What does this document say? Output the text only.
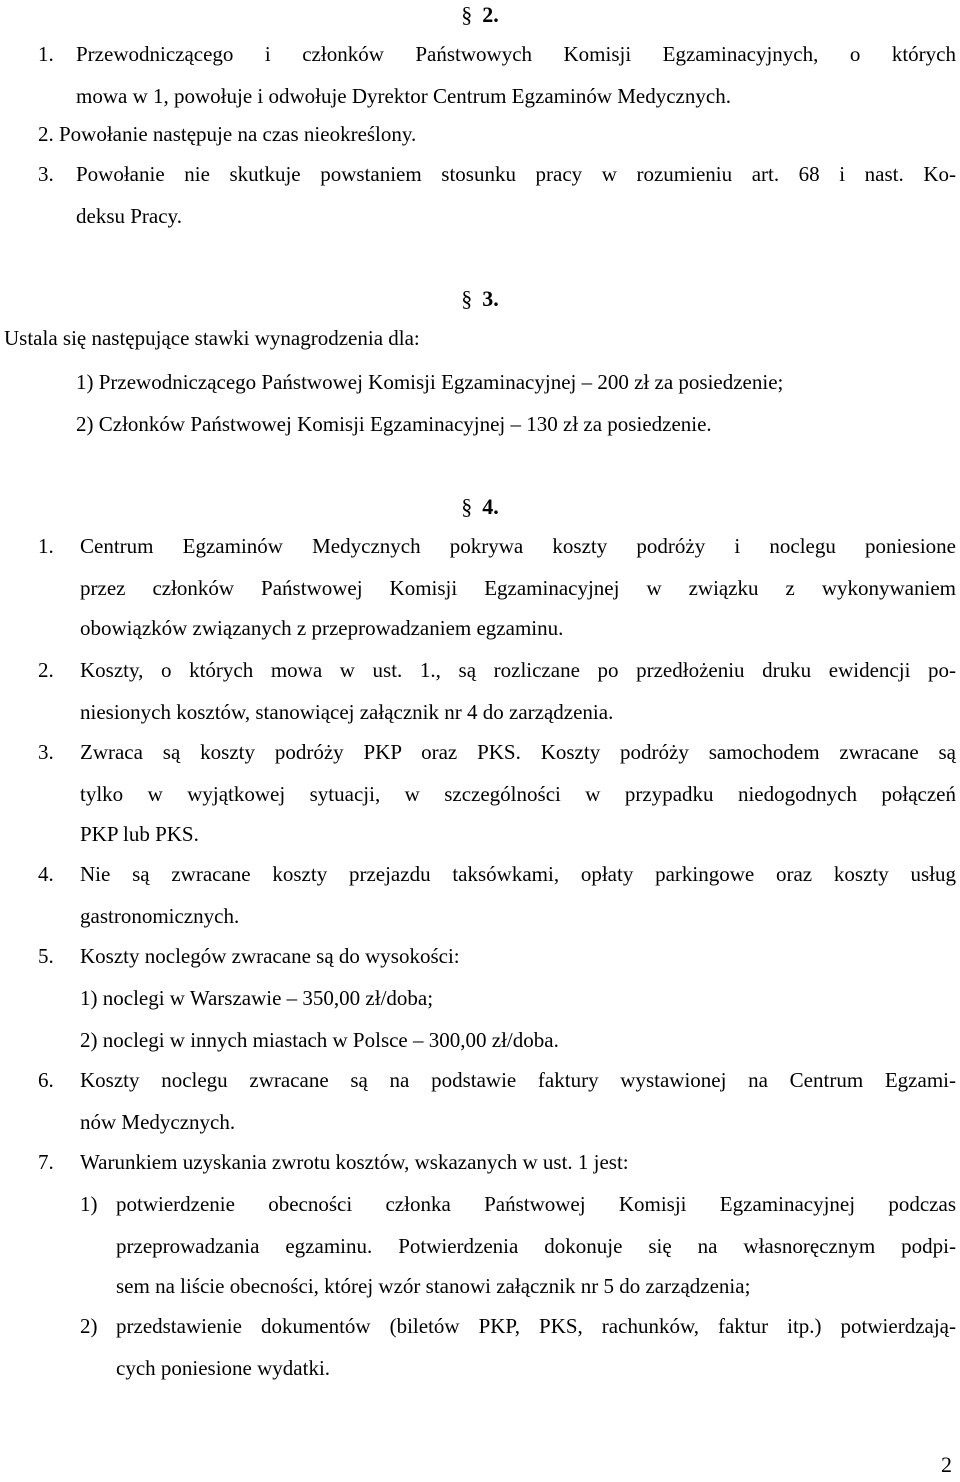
§ 2.
1. Przewodniczącego i członków Państwowych Komisji Egzaminacyjnych, o których
mowa w 1, powołuje i odwołuje Dyrektor Centrum Egzaminów Medycznych.
2. Powołanie następuje na czas nieokreślony.
3. Powołanie nie skutkuje powstaniem stosunku pracy w rozumieniu art. 68 i nast. Ko-
deksu Pracy.
§ 3.
Ustala się następujące stawki wynagrodzenia dla:
1) Przewodniczącego Państwowej Komisji Egzaminacyjnej – 200 zł za posiedzenie;
2) Członków Państwowej Komisji Egzaminacyjnej – 130 zł za posiedzenie.
§ 4.
1. Centrum Egzaminów Medycznych pokrywa koszty podróży i noclegu poniesione
przez członków Państwowej Komisji Egzaminacyjnej w związku z wykonywaniem
obowiązków związanych z przeprowadzaniem egzaminu.
2. Koszty, o których mowa w ust. 1., są rozliczane po przedłożeniu druku ewidencji po-
niesionych kosztów, stanowiącej załącznik nr 4 do zarządzenia.
3. Zwraca są koszty podróży PKP oraz PKS. Koszty podróży samochodem zwracane są
tylko w wyjątkowej sytuacji, w szczególności w przypadku niedogodnych połączeń
PKP lub PKS.
4. Nie są zwracane koszty przejazdu taksówkami, opłaty parkingowe oraz koszty usług
gastronomicznych.
5. Koszty noclegów zwracane są do wysokości:
1) noclegi w Warszawie – 350,00 zł/doba;
2) noclegi w innych miastach w Polsce – 300,00 zł/doba.
6. Koszty noclegu zwracane są na podstawie faktury wystawionej na Centrum Egzami-
nów Medycznych.
7. Warunkiem uzyskania zwrotu kosztów, wskazanych w ust. 1 jest:
1) potwierdzenie obecności członka Państwowej Komisji Egzaminacyjnej podczas
przeprowadzania egzaminu. Potwierdzenia dokonuje się na własnoręcznym podpi-
sem na liście obecności, której wzór stanowi załącznik nr 5 do zarządzenia;
2) przedstawienie dokumentów (biletów PKP, PKS, rachunków, faktur itp.) potwierdzają-
cych poniesione wydatki.
2
